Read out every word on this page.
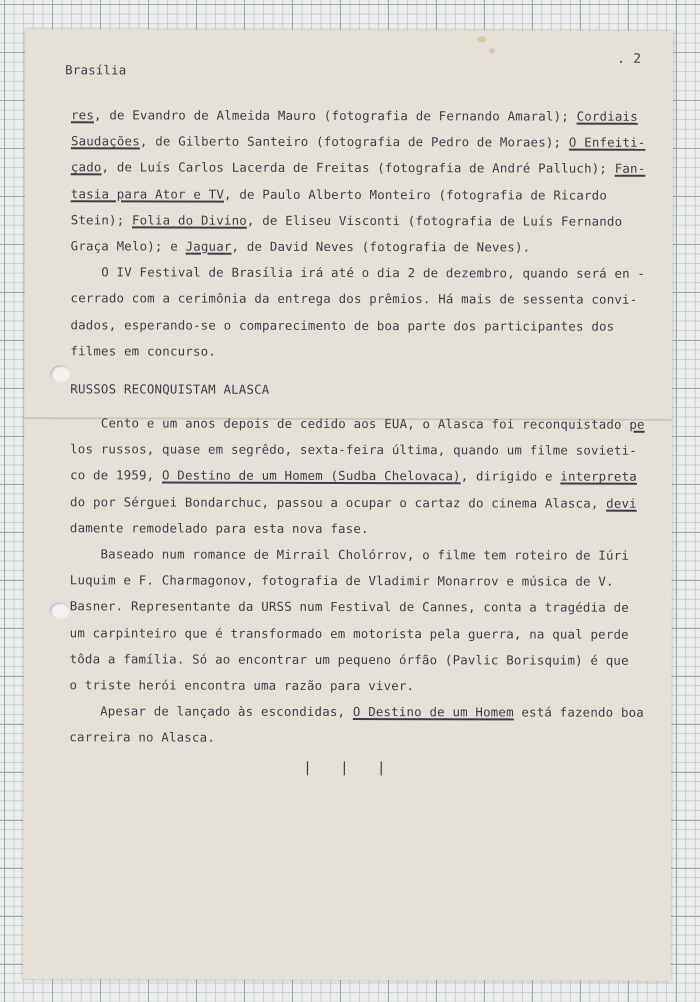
Brasília
. 2
res, de Evandro de Almeida Mauro (fotografia de Fernando Amaral); Cordiais
Saudações, de Gilberto Santeiro (fotografia de Pedro de Moraes); O Enfeiti-
çado, de Luís Carlos Lacerda de Freitas (fotografia de André Palluch); Fan-
tasia para Ator e TV, de Paulo Alberto Monteiro (fotografia de Ricardo
Stein); Folia do Divino, de Eliseu Visconti (fotografia de Luís Fernando
Graça Melo); e Jaguar, de David Neves (fotografia de Neves).
O IV Festival de Brasília irá até o dia 2 de dezembro, quando será en -
cerrado com a cerimônia da entrega dos prêmios. Há mais de sessenta convi-
dados, esperando-se o comparecimento de boa parte dos participantes dos
filmes em concurso.
RUSSOS RECONQUISTAM ALASCA
Cento e um anos depois de cedido aos EUA, o Alasca foi reconquistado pe
los russos, quase em segrêdo, sexta-feira última, quando um filme sovieti-
co de 1959, O Destino de um Homem (Sudba Chelovaca), dirigido e interpreta
do por Sérguei Bondarchuc, passou a ocupar o cartaz do cinema Alasca, devi
damente remodelado para esta nova fase.
Baseado num romance de Mirrail Cholórrov, o filme tem roteiro de Iúri
Luquim e F. Charmagonov, fotografia de Vladimir Monarrov e música de V.
Basner. Representante da URSS num Festival de Cannes, conta a tragédia de
um carpinteiro que é transformado em motorista pela guerra, na qual perde
tôda a família. Só ao encontrar um pequeno órfão (Pavlic Borisquim) é que
o triste herói encontra uma razão para viver.
Apesar de lançado às escondidas, O Destino de um Homem está fazendo boa
carreira no Alasca.
| | |
